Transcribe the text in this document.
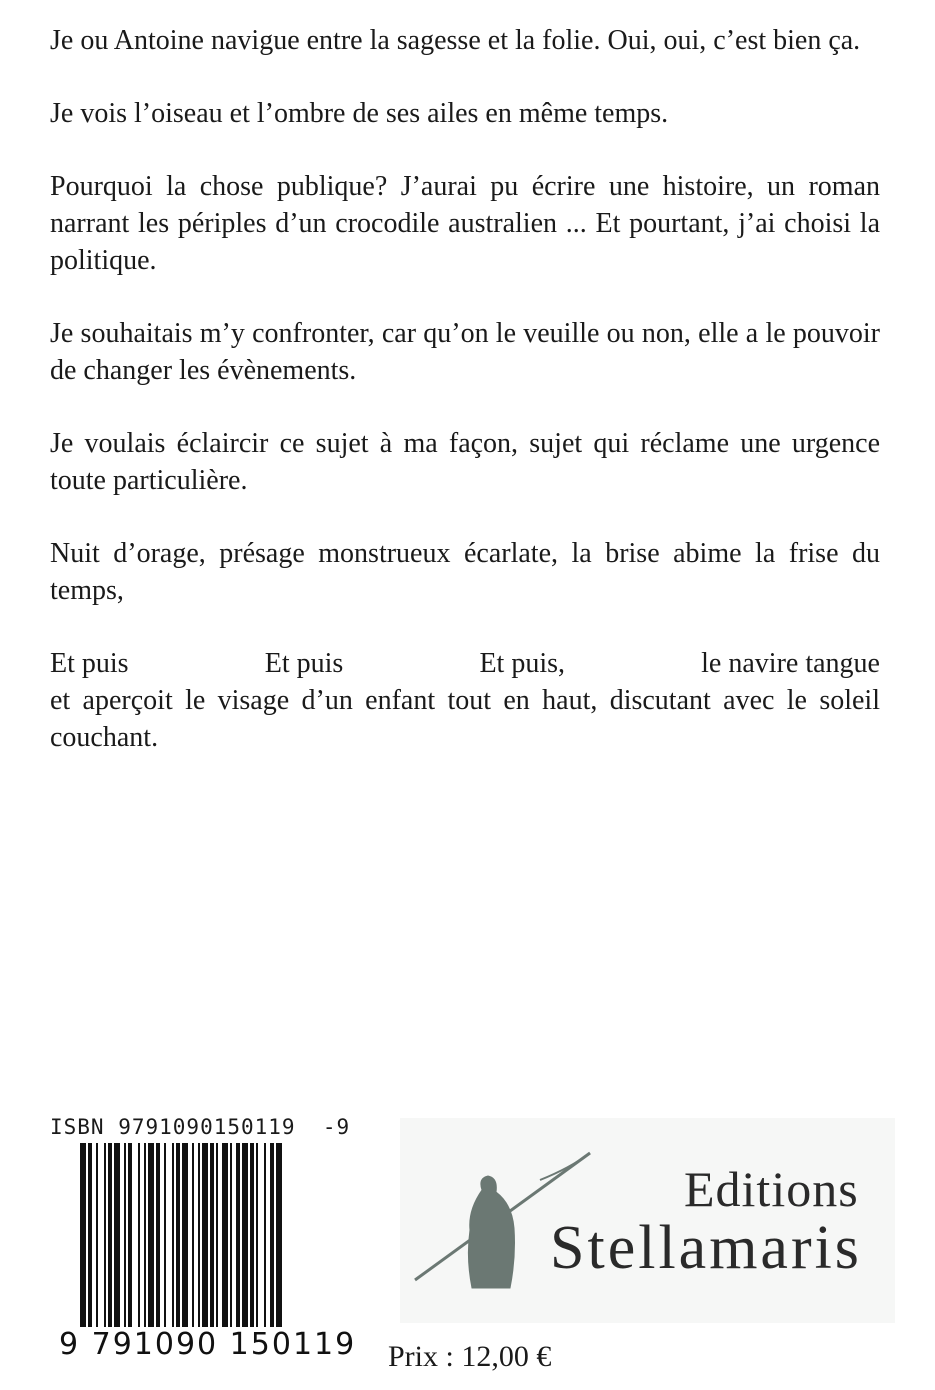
Je ou Antoine navigue entre la sagesse et la folie. Oui, oui, c’est bien ça.

Je vois l’oiseau et l’ombre de ses ailes en même temps.

Pourquoi la chose publique? J’aurai pu écrire une histoire, un roman narrant les périples d’un crocodile australien ... Et pourtant, j’ai choisi la politique.

Je souhaitais m’y confronter, car qu’on le veuille ou non, elle a le pouvoir de changer les évènements.

Je voulais éclaircir ce sujet à ma façon, sujet qui réclame une urgence toute particulière.

Nuit d’orage, présage monstrueux écarlate, la brise abime la frise du temps,

Et puis	Et puis	Et puis,	le navire tangue

et aperçoit le visage d’un enfant tout en haut, discutant avec le soleil couchant.

ISBN 9791090150119  -9
9 791090 150119
Editions
Stellamaris
Prix : 12,00 €
